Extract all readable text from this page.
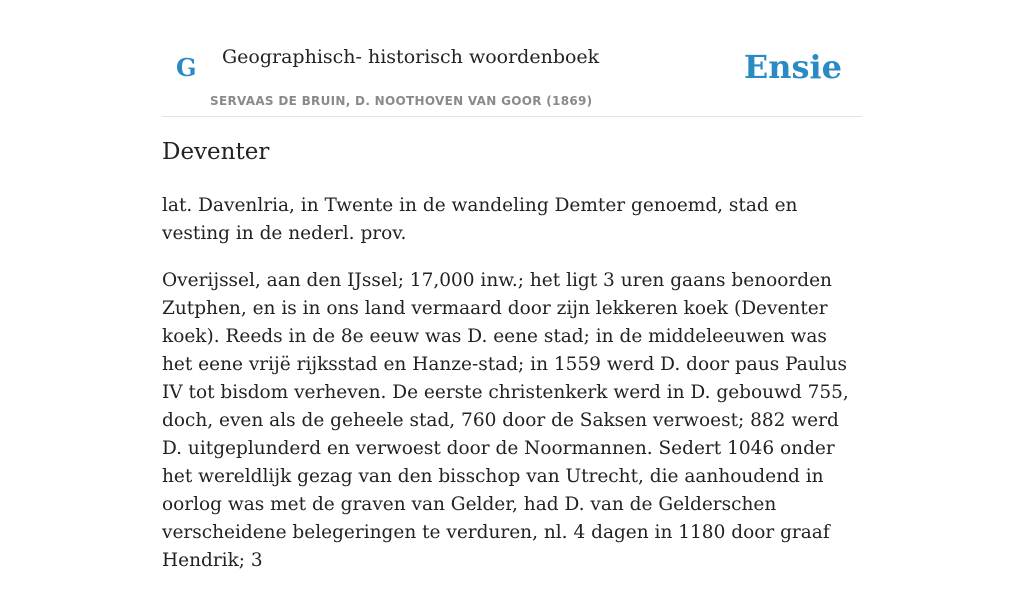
G Geographisch- historisch woordenboek
SERVAAS DE BRUIN, D. NOOTHOVEN VAN GOOR (1869)
Ensie
Deventer

lat. Davenlria, in Twente in de wandeling Demter genoemd, stad en vesting in de nederl. prov.

Overijssel, aan den IJssel; 17,000 inw.; het ligt 3 uren gaans benoorden Zutphen, en is in ons land vermaard door zijn lekkeren koek (Deventer koek). Reeds in de 8e eeuw was D. eene stad; in de middeleeuwen was het eene vrijë rijksstad en Hanze-stad; in 1559 werd D. door paus Paulus IV tot bisdom verheven. De eerste christenkerk werd in D. gebouwd 755, doch, even als de geheele stad, 760 door de Saksen verwoest; 882 werd D. uitgeplunderd en verwoest door de Noormannen. Sedert 1046 onder het wereldlijk gezag van den bisschop van Utrecht, die aanhoudend in oorlog was met de graven van Gelder, had D. van de Gelderschen verscheidene belegeringen te verduren, nl. 4 dagen in 1180 door graaf Hendrik; 3
